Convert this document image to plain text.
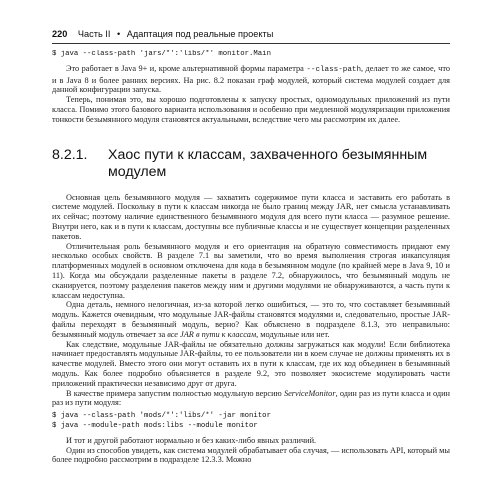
220 Часть II • Адаптация под реальные проекты
$ java --class-path 'jars/*':'libs/*' monitor.Main

Это работает в Java 9+ и, кроме альтернативной формы параметра --class-path, делает то же самое, что и в Java 8 и более ранних версиях. На рис. 8.2 показан граф модулей, который система модулей создает для данной конфигурации запуска.

Теперь, понимая это, вы хорошо подготовлены к запуску простых, одномодульных приложений из пути класса. Помимо этого базового варианта использования и особенно при медленной модуляризации приложения тонкости безымянного модуля становятся актуальными, вследствие чего мы рассмотрим их далее.

8.2.1.	Хаос пути к классам, захваченного безымянным модулем

Основная цель безымянного модуля — захватить содержимое пути класса и заставить его работать в системе модулей. Поскольку в пути к классам никогда не было границ между JAR, нет смысла устанавливать их сейчас; поэтому наличие единственного безымянного модуля для всего пути класса — разумное решение. Внутри него, как и в пути к классам, доступны все публичные классы и не существует концепции разделенных пакетов.

Отличительная роль безымянного модуля и его ориентация на обратную совместимость придают ему несколько особых свойств. В разделе 7.1 вы заметили, что во время выполнения строгая инкапсуляция платформенных модулей в основном отключена для кода в безымянном модуле (по крайней мере в Java 9, 10 и 11). Когда мы обсуждали разделенные пакеты в разделе 7.2, обнаружилось, что безымянный модуль не сканируется, поэтому разделения пакетов между ним и другими модулями не обнаруживаются, а часть пути к классам недоступна.

Одна деталь, немного нелогичная, из-за которой легко ошибиться, — это то, что составляет безымянный модуль. Кажется очевидным, что модульные JAR-файлы становятся модулями и, следовательно, простые JAR-файлы переходят в безымянный модуль, верно? Как объяснено в подразделе 8.1.3, это неправильно: безымянный модуль отвечает за все JAR в пути к классам, модульные или нет.

Как следствие, модульные JAR-файлы не обязательно должны загружаться как модули! Если библиотека начинает предоставлять модульные JAR-файлы, то ее пользователи ни в коем случае не должны применять их в качестве модулей. Вместо этого они могут оставить их в пути к классам, где их код объединен в безымянный модуль. Как более подробно объясняется в разделе 9.2, это позволяет экосистеме модулировать части приложений практически независимо друг от друга.

В качестве примера запустим полностью модульную версию ServiceMonitor, один раз из пути класса и один раз из пути модуля:

$ java --class-path 'mods/*':'libs/*' -jar monitor
$ java --module-path mods:libs --module monitor

И тот и другой работают нормально и без каких-либо явных различий.

Один из способов увидеть, как система модулей обрабатывает оба случая, — использовать API, который мы более подробно рассмотрим в подразделе 12.3.3. Можно
